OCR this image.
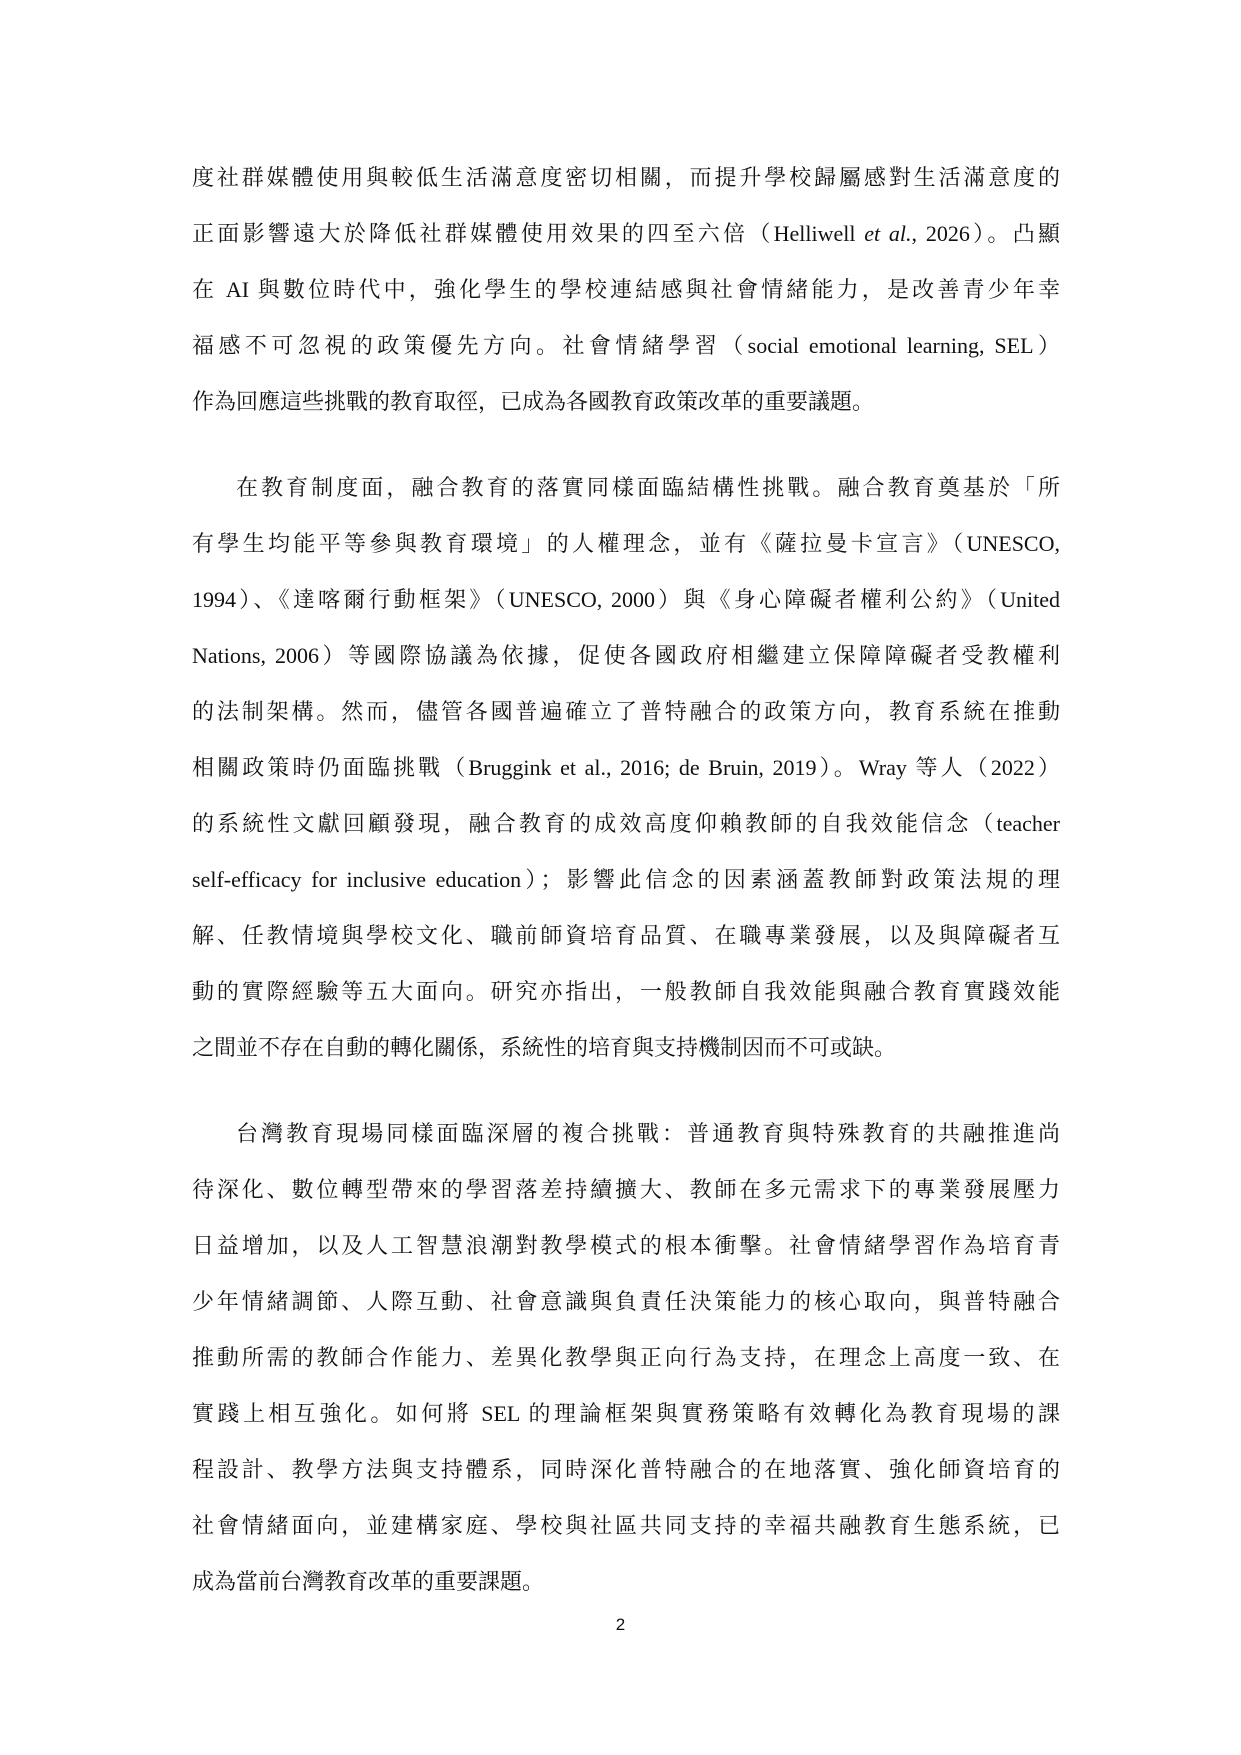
度社群媒體使用與較低生活滿意度密切相關，而提升學校歸屬感對生活滿意度的
正面影響遠大於降低社群媒體使用效果的四至六倍（Helliwell et al., 2026）。凸顯
在 AI 與數位時代中，強化學生的學校連結感與社會情緒能力，是改善青少年幸
福感不可忽視的政策優先方向。社會情緒學習（social emotional learning, SEL）
作為回應這些挑戰的教育取徑，已成為各國教育政策改革的重要議題。
在教育制度面，融合教育的落實同樣面臨結構性挑戰。融合教育奠基於「所
有學生均能平等參與教育環境」的人權理念，並有《薩拉曼卡宣言》（UNESCO,
1994）、《達喀爾行動框架》（UNESCO, 2000）與《身心障礙者權利公約》（United
Nations, 2006）等國際協議為依據，促使各國政府相繼建立保障障礙者受教權利
的法制架構。然而，儘管各國普遍確立了普特融合的政策方向，教育系統在推動
相關政策時仍面臨挑戰（Bruggink et al., 2016; de Bruin, 2019）。Wray 等人（2022）
的系統性文獻回顧發現，融合教育的成效高度仰賴教師的自我效能信念（teacher
self-efficacy for inclusive education）；影響此信念的因素涵蓋教師對政策法規的理
解、任教情境與學校文化、職前師資培育品質、在職專業發展，以及與障礙者互
動的實際經驗等五大面向。研究亦指出，一般教師自我效能與融合教育實踐效能
之間並不存在自動的轉化關係，系統性的培育與支持機制因而不可或缺。
台灣教育現場同樣面臨深層的複合挑戰：普通教育與特殊教育的共融推進尚
待深化、數位轉型帶來的學習落差持續擴大、教師在多元需求下的專業發展壓力
日益增加，以及人工智慧浪潮對教學模式的根本衝擊。社會情緒學習作為培育青
少年情緒調節、人際互動、社會意識與負責任決策能力的核心取向，與普特融合
推動所需的教師合作能力、差異化教學與正向行為支持，在理念上高度一致、在
實踐上相互強化。如何將 SEL 的理論框架與實務策略有效轉化為教育現場的課
程設計、教學方法與支持體系，同時深化普特融合的在地落實、強化師資培育的
社會情緒面向，並建構家庭、學校與社區共同支持的幸福共融教育生態系統，已
成為當前台灣教育改革的重要課題。
2
